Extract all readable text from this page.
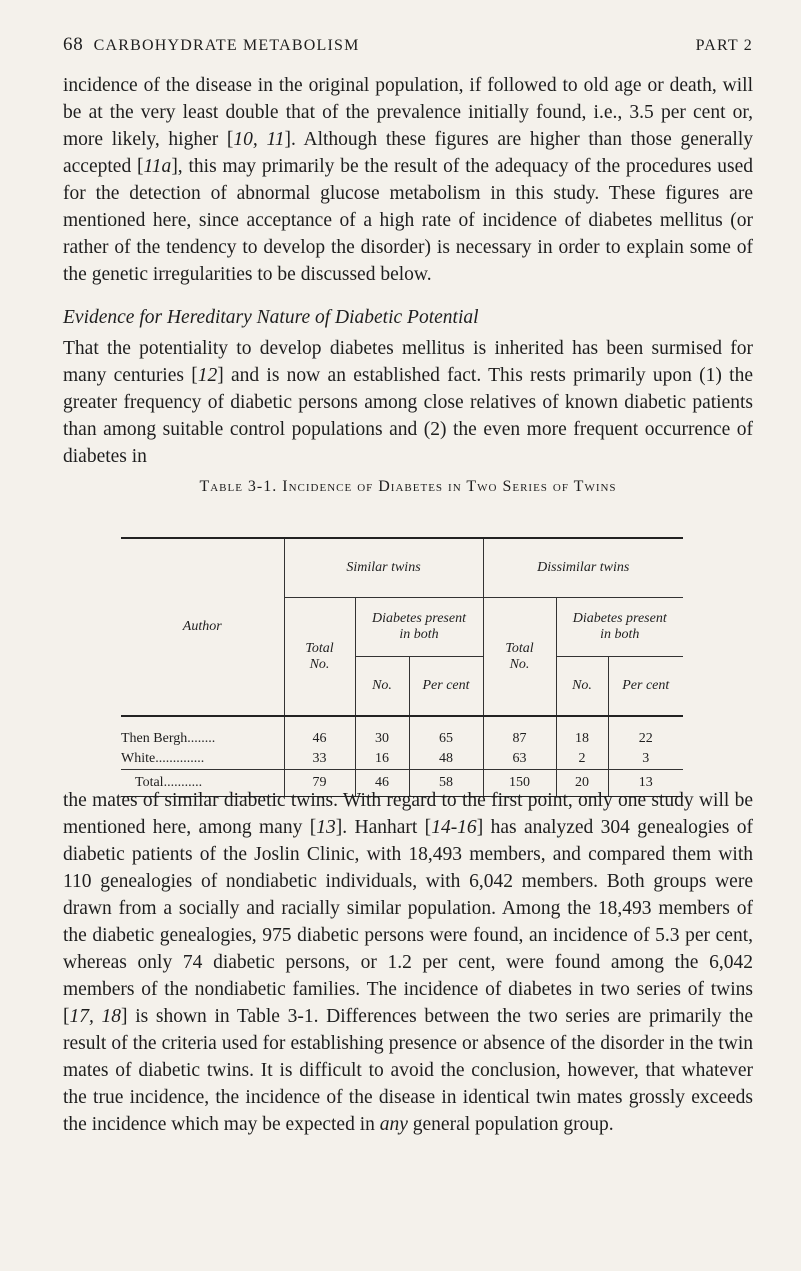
68 CARBOHYDRATE METABOLISM	PART 2

incidence of the disease in the original population, if followed to old age or death, will be at the very least double that of the prevalence initially found, i.e., 3.5 per cent or, more likely, higher [10, 11]. Although these figures are higher than those generally accepted [11a], this may primarily be the result of the adequacy of the procedures used for the detection of abnormal glucose metabolism in this study. These figures are mentioned here, since acceptance of a high rate of incidence of diabetes mellitus (or rather of the tendency to develop the disorder) is necessary in order to explain some of the genetic irregularities to be discussed below.

Evidence for Hereditary Nature of Diabetic Potential

That the potentiality to develop diabetes mellitus is inherited has been surmised for many centuries [12] and is now an established fact. This rests primarily upon (1) the greater frequency of diabetic persons among close relatives of known diabetic patients than among suitable control populations and (2) the even more frequent occurrence of diabetes in

Table 3-1. Incidence of Diabetes in Two Series of Twins
Author	Similar twins			Dissimilar twins	
	Total No.	Diabetes present in both		Total No.	Diabetes present in both	
		No.	Per cent		No.	Per cent
Then Bergh........	46	30	65	87	18	22
White..............	33	16	48	63	2	3
Total...........	79	46	58	150	20	13

the mates of similar diabetic twins. With regard to the first point, only one study will be mentioned here, among many [13]. Hanhart [14-16] has analyzed 304 genealogies of diabetic patients of the Joslin Clinic, with 18,493 members, and compared them with 110 genealogies of nondiabetic individuals, with 6,042 members. Both groups were drawn from a socially and racially similar population. Among the 18,493 members of the diabetic genealogies, 975 diabetic persons were found, an incidence of 5.3 per cent, whereas only 74 diabetic persons, or 1.2 per cent, were found among the 6,042 members of the nondiabetic families. The incidence of diabetes in two series of twins [17, 18] is shown in Table 3-1. Differences between the two series are primarily the result of the criteria used for establishing presence or absence of the disorder in the twin mates of diabetic twins. It is difficult to avoid the conclusion, however, that whatever the true incidence, the incidence of the disease in identical twin mates grossly exceeds the incidence which may be expected in any general population group.
